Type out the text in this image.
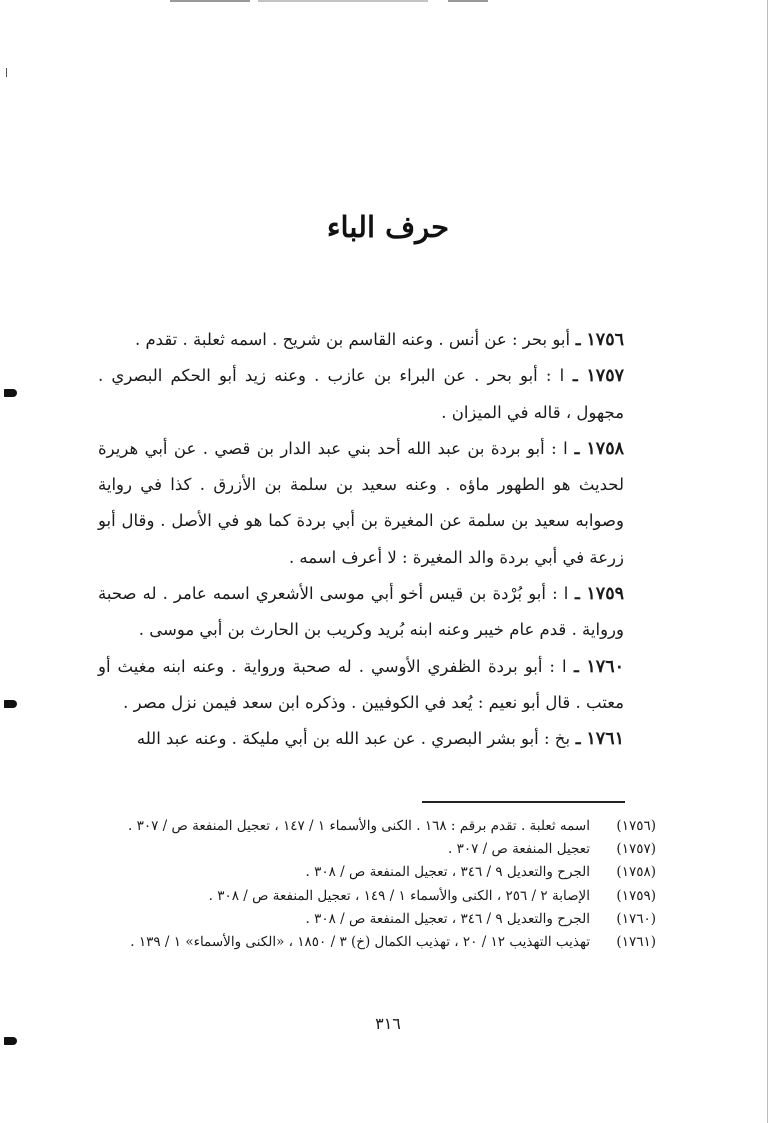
حرف الباء

١٧٥٦ ـ أبو بحر : عن أنس . وعنه القاسم بن شريح . اسمه ثعلبة . تقدم .

١٧٥٧ ـ ا : أبو بحر . عن البراء بن عازب . وعنه زيد أبو الحكم البصري . مجهول ، قاله في الميزان .

١٧٥٨ ـ ا : أبو بردة بن عبد الله أحد بني عبد الدار بن قصي . عن أبي هريرة لحديث هو الطهور ماؤه . وعنه سعيد بن سلمة بن الأزرق . كذا في رواية وصوابه سعيد بن سلمة عن المغيرة بن أبي بردة كما هو في الأصل . وقال أبو زرعة في أبي بردة والد المغيرة : لا أعرف اسمه .

١٧٥٩ ـ ا : أبو بُرْدة بن قيس أخو أبي موسى الأشعري اسمه عامر . له صحبة ورواية . قدم عام خيبر وعنه ابنه بُريد وكريب بن الحارث بن أبي موسى .

١٧٦٠ ـ ا : أبو بردة الظفري الأوسي . له صحبة ورواية . وعنه ابنه مغيث أو معتب . قال أبو نعيم : يُعد في الكوفيين . وذكره ابن سعد فيمن نزل مصر .

١٧٦١ ـ بخ : أبو بشر البصري . عن عبد الله بن أبي مليكة . وعنه عبد الله

(١٧٥٦)اسمه ثعلبة . تقدم برقم : ١٦٨ . الكنى والأسماء ١ / ١٤٧ ، تعجيل المنفعة ص / ٣٠٧ .

(١٧٥٧)تعجيل المنفعة ص / ٣٠٧ .

(١٧٥٨)الجرح والتعديل ٩ / ٣٤٦ ، تعجيل المنفعة ص / ٣٠٨ .

(١٧٥٩)الإصابة ٢ / ٢٥٦ ، الكنى والأسماء ١ / ١٤٩ ، تعجيل المنفعة ص / ٣٠٨ .

(١٧٦٠)الجرح والتعديل ٩ / ٣٤٦ ، تعجيل المنفعة ص / ٣٠٨ .

(١٧٦١)تهذيب التهذيب ١٢ / ٢٠ ، تهذيب الكمال (خ) ٣ / ١٨٥٠ ، «الكنى والأسماء» ١ / ١٣٩ .

٣١٦
